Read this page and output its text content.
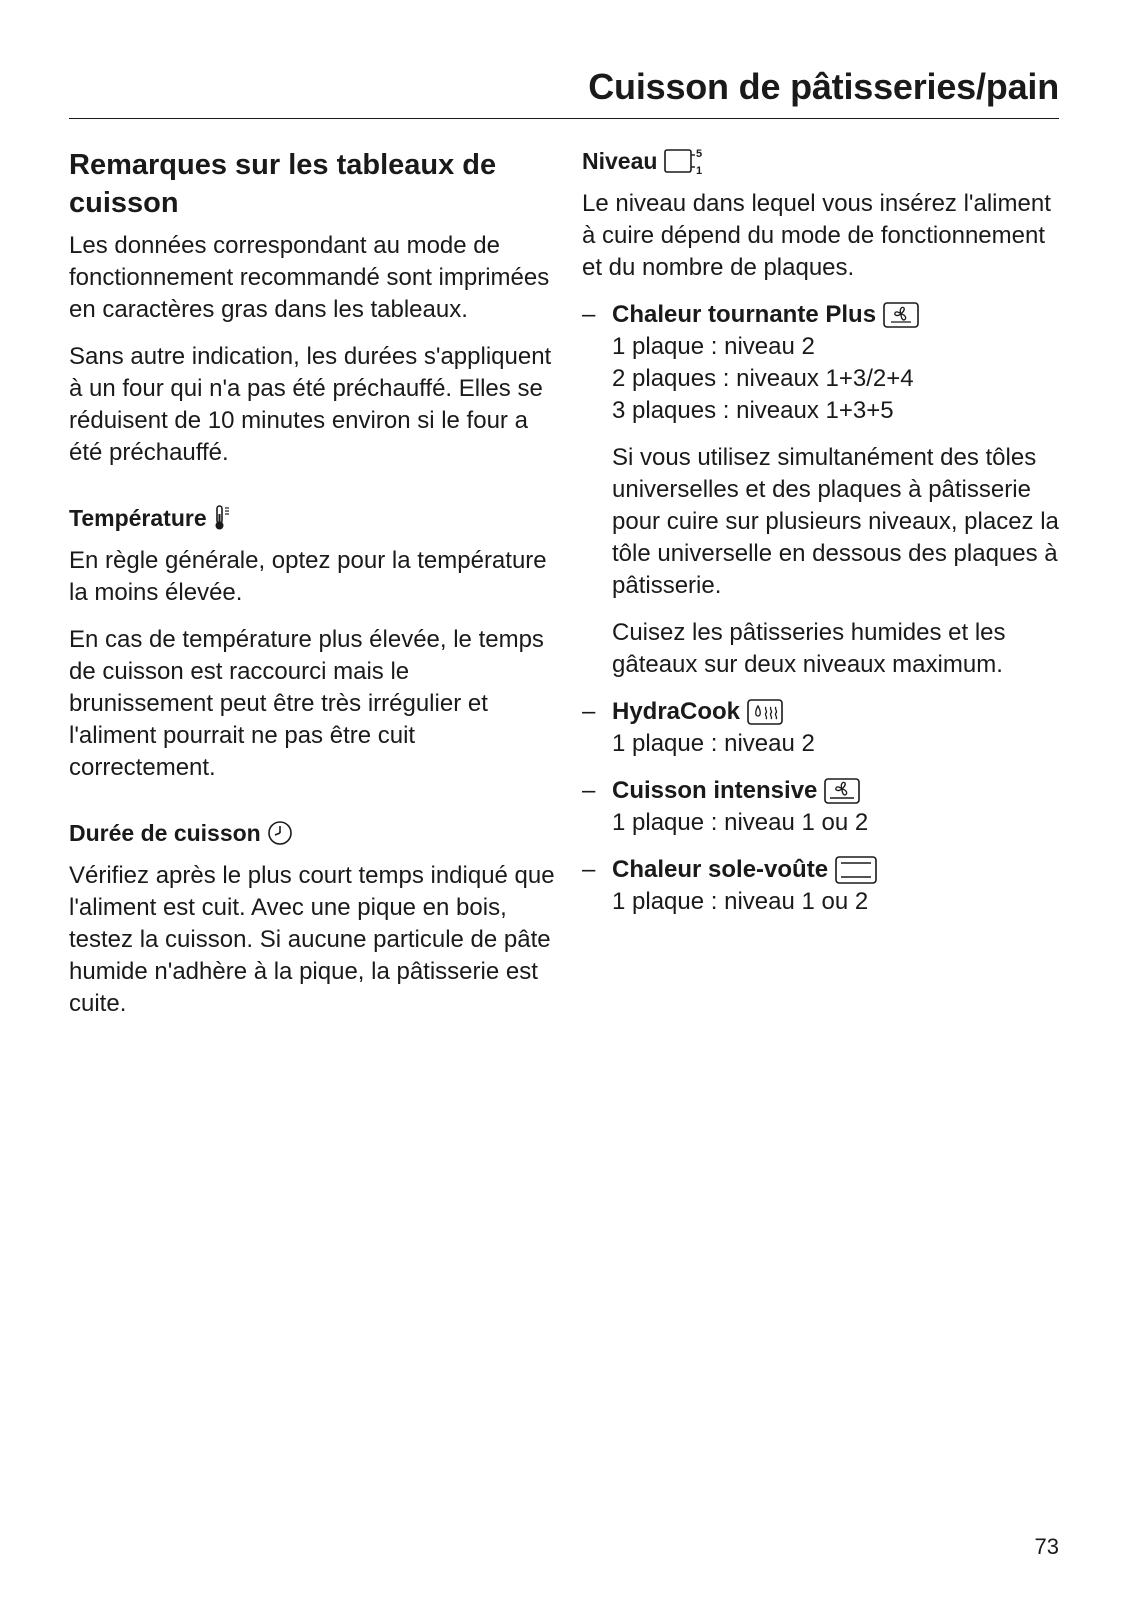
Cuisson de pâtisseries/pain
Remarques sur les tableaux de cuisson

Les données correspondant au mode de fonctionnement recommandé sont imprimées en caractères gras dans les tableaux.

Sans autre indication, les durées s'appliquent à un four qui n'a pas été préchauffé. Elles se réduisent de 10 minutes environ si le four a été préchauffé.

Température

En règle générale, optez pour la température la moins élevée.

En cas de température plus élevée, le temps de cuisson est raccourci mais le brunissement peut être très irrégulier et l'aliment pourrait ne pas être cuit correctement.

Durée de cuisson

Vérifiez après le plus court temps indiqué que l'aliment est cuit. Avec une pique en bois, testez la cuisson. Si aucune particule de pâte humide n'adhère à la pique, la pâtisserie est cuite.

Niveau	5
1

Le niveau dans lequel vous insérez l'aliment à cuire dépend du mode de fonctionnement et du nombre de plaques.

– Chaleur tournante Plus

1 plaque : niveau 2

2 plaques : niveaux 1+3/2+4

3 plaques : niveaux 1+3+5

Si vous utilisez simultanément des tôles universelles et des plaques à pâtisserie pour cuire sur plusieurs niveaux, placez la tôle universelle en dessous des plaques à pâtisserie.

Cuisez les pâtisseries humides et les gâteaux sur deux niveaux maximum.

– HydraCook

1 plaque : niveau 2

– Cuisson intensive

1 plaque : niveau 1 ou 2

– Chaleur sole-voûte

1 plaque : niveau 1 ou 2

73
